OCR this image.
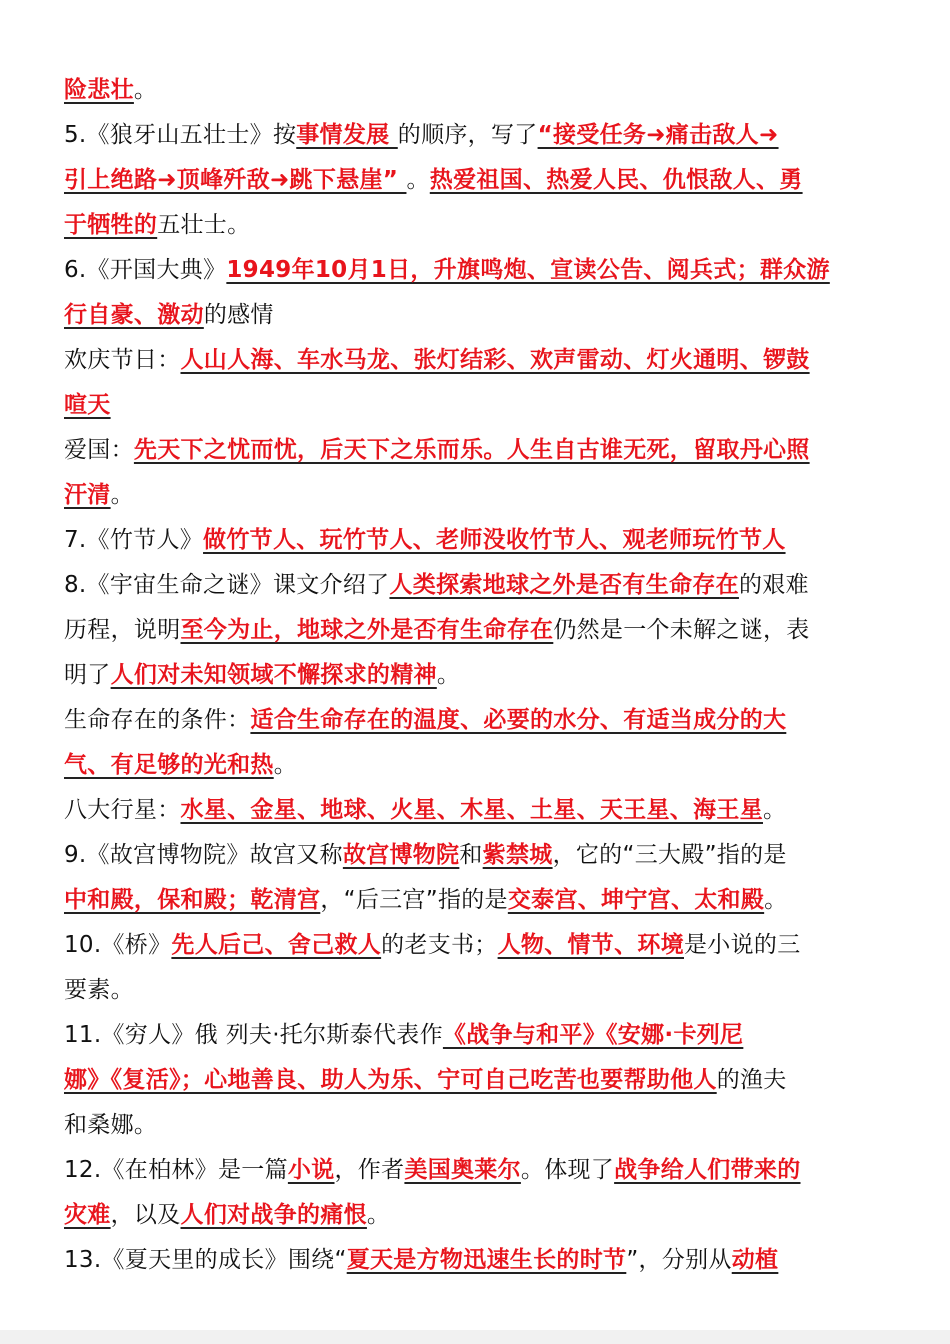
险悲壮。
5.《狼牙山五壮士》按事情发展 的顺序，写了“接受任务➜痛击敌人➜
引上绝路➜顶峰歼敌➜跳下悬崖” 。热爱祖国、热爱人民、仇恨敌人、勇
于牺牲的五壮士。
6.《开国大典》1949年10月1日，升旗鸣炮、宣读公告、阅兵式；群众游
行自豪、激动的感情
欢庆节日：人山人海、车水马龙、张灯结彩、欢声雷动、灯火通明、锣鼓
喧天
爱国：先天下之忧而忧，后天下之乐而乐。人生自古谁无死，留取丹心照
汗清。
7.《竹节人》做竹节人、玩竹节人、老师没收竹节人、观老师玩竹节人
8.《宇宙生命之谜》课文介绍了人类探索地球之外是否有生命存在的艰难
历程，说明至今为止，地球之外是否有生命存在仍然是一个未解之谜，表
明了人们对未知领域不懈探求的精神。
生命存在的条件：适合生命存在的温度、必要的水分、有适当成分的大
气、有足够的光和热。
八大行星：水星、金星、地球、火星、木星、土星、天王星、海王星。
9.《故宫博物院》故宫又称故宫博物院和紫禁城，它的“三大殿”指的是
中和殿，保和殿；乾清宫，“后三宫”指的是交泰宫、坤宁宫、太和殿。
10.《桥》先人后己、舍己救人的老支书；人物、情节、环境是小说的三
要素。
11.《穷人》俄 列夫·托尔斯泰代表作《战争与和平》《安娜·卡列尼
娜》《复活》；心地善良、助人为乐、宁可自己吃苦也要帮助他人的渔夫
和桑娜。
12.《在柏林》是一篇小说，作者美国奥莱尔。体现了战争给人们带来的
灾难，以及人们对战争的痛恨。
13.《夏天里的成长》围绕“夏天是方物迅速生长的时节”，分别从动植
